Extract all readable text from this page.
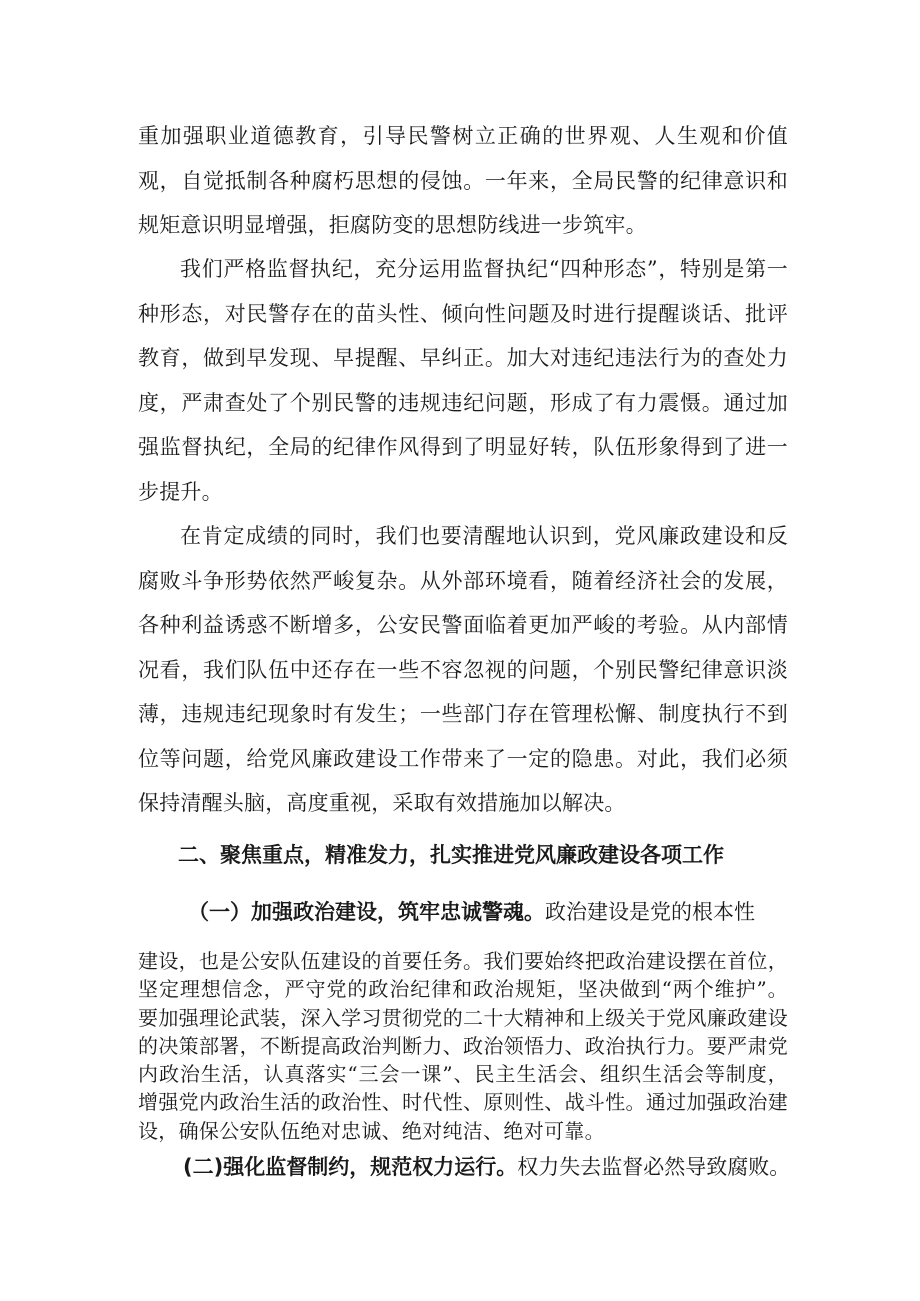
重加强职业道德教育，引导民警树立正确的世界观、人生观和价值观，自觉抵制各种腐朽思想的侵蚀。一年来，全局民警的纪律意识和规矩意识明显增强，拒腐防变的思想防线进一步筑牢。

我们严格监督执纪，充分运用监督执纪“四种形态”，特别是第一种形态，对民警存在的苗头性、倾向性问题及时进行提醒谈话、批评教育，做到早发现、早提醒、早纠正。加大对违纪违法行为的查处力度，严肃查处了个别民警的违规违纪问题，形成了有力震慑。通过加强监督执纪，全局的纪律作风得到了明显好转，队伍形象得到了进一步提升。

在肯定成绩的同时，我们也要清醒地认识到，党风廉政建设和反腐败斗争形势依然严峻复杂。从外部环境看，随着经济社会的发展，各种利益诱惑不断增多，公安民警面临着更加严峻的考验。从内部情况看，我们队伍中还存在一些不容忽视的问题，个别民警纪律意识淡薄，违规违纪现象时有发生；一些部门存在管理松懈、制度执行不到位等问题，给党风廉政建设工作带来了一定的隐患。对此，我们必须保持清醒头脑，高度重视，采取有效措施加以解决。

二、聚焦重点，精准发力，扎实推进党风廉政建设各项工作

（一）加强政治建设，筑牢忠诚警魂。政治建设是党的根本性

建设，也是公安队伍建设的首要任务。我们要始终把政治建设摆在首位，坚定理想信念，严守党的政治纪律和政治规矩，坚决做到“两个维护”。要加强理论武装，深入学习贯彻党的二十大精神和上级关于党风廉政建设的决策部署，不断提高政治判断力、政治领悟力、政治执行力。要严肃党内政治生活，认真落实“三会一课”、民主生活会、组织生活会等制度，增强党内政治生活的政治性、时代性、原则性、战斗性。通过加强政治建设，确保公安队伍绝对忠诚、绝对纯洁、绝对可靠。

(二)强化监督制约，规范权力运行。权力失去监督必然导致腐败。
